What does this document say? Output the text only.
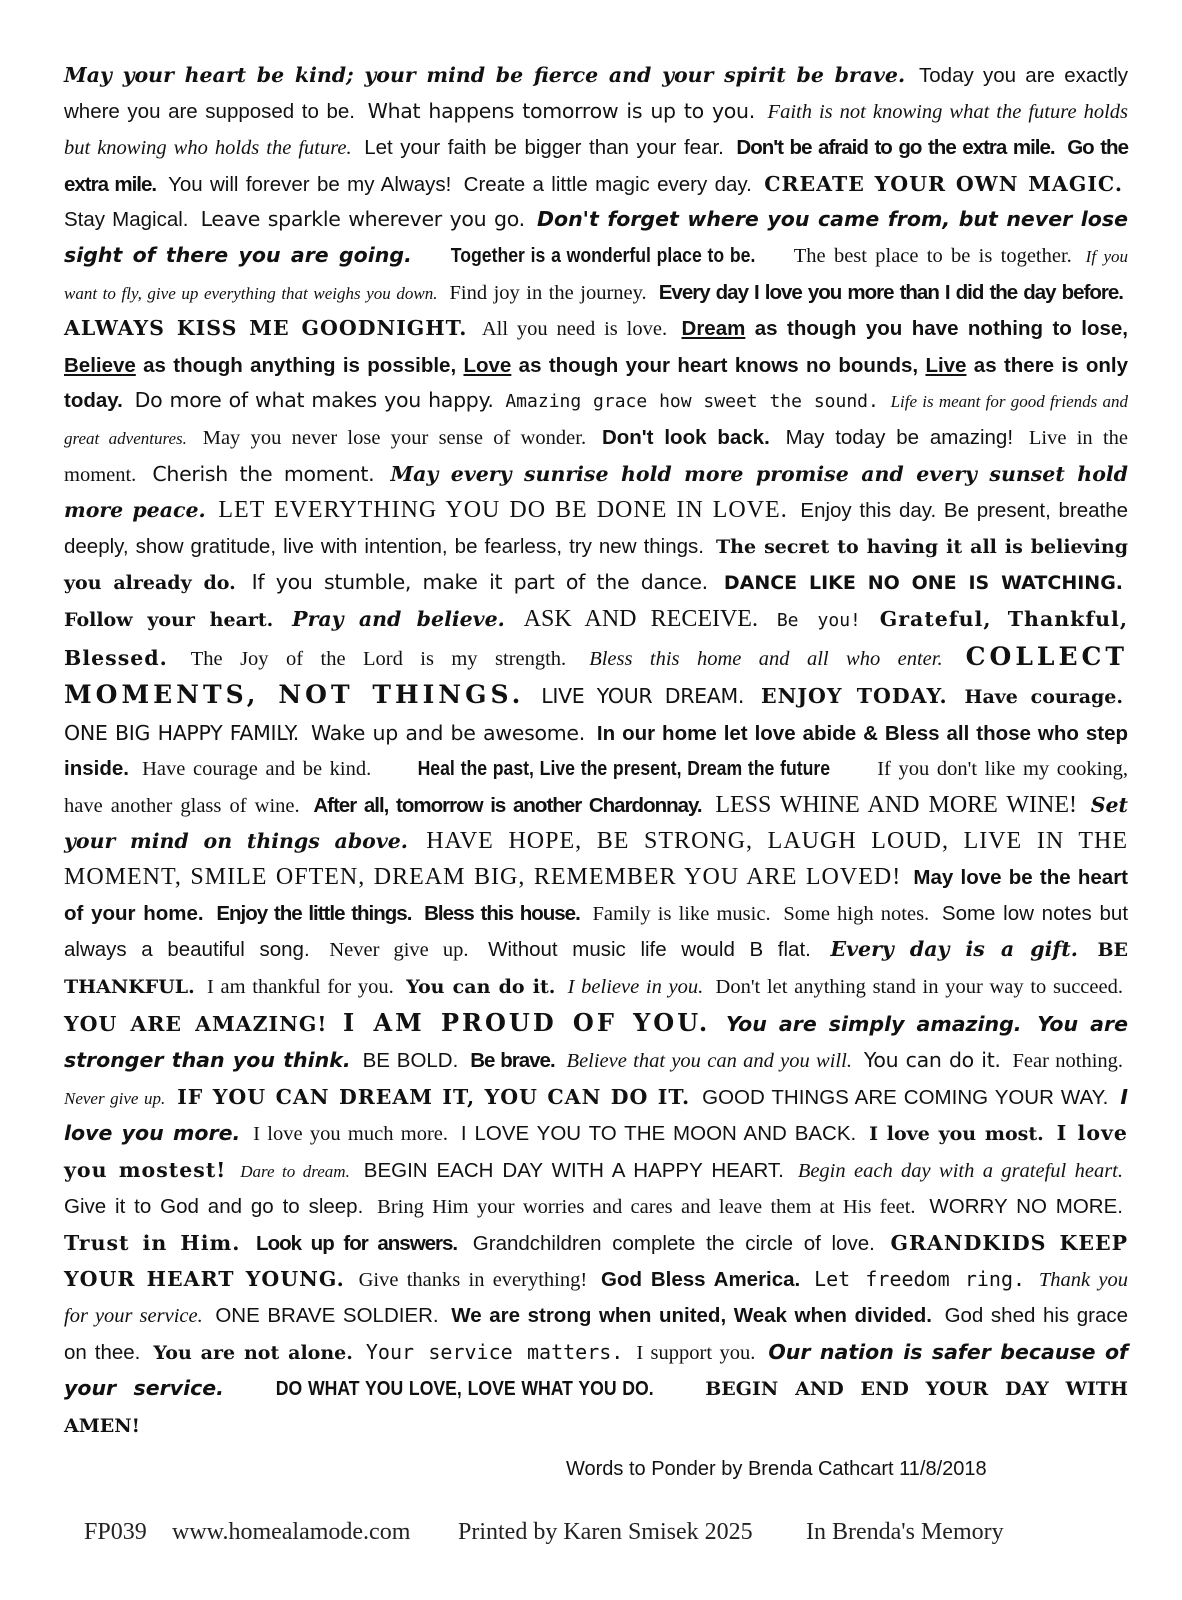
May your heart be kind; your mind be fierce and your spirit be brave. Today you are exactly where you are supposed to be. What happens tomorrow is up to you. Faith is not knowing what the future holds but knowing who holds the future. Let your faith be bigger than your fear. Don't be afraid to go the extra mile. Go the extra mile. You will forever be my Always! Create a little magic every day. CREATE YOUR OWN MAGIC. Stay Magical. Leave sparkle wherever you go. Don't forget where you came from, but never lose sight of there you are going. Together is a wonderful place to be. The best place to be is together. If you want to fly, give up everything that weighs you down. Find joy in the journey. Every day I love you more than I did the day before. ALWAYS KISS ME GOODNIGHT. All you need is love. Dream as though you have nothing to lose, Believe as though anything is possible, Love as though your heart knows no bounds, Live as there is only today. Do more of what makes you happy. Amazing grace how sweet the sound. Life is meant for good friends and great adventures. May you never lose your sense of wonder. Don't look back. May today be amazing! Live in the moment. Cherish the moment. May every sunrise hold more promise and every sunset hold more peace. LET EVERYTHING YOU DO BE DONE IN LOVE. Enjoy this day. Be present, breathe deeply, show gratitude, live with intention, be fearless, try new things. The secret to having it all is believing you already do. If you stumble, make it part of the dance. DANCE LIKE NO ONE IS WATCHING. Follow your heart. Pray and believe. ASK AND RECEIVE. Be you! Grateful, Thankful, Blessed. The Joy of the Lord is my strength. Bless this home and all who enter. COLLECT MOMENTS, NOT THINGS. LIVE YOUR DREAM. ENJOY TODAY. Have courage. ONE BIG HAPPY FAMILY. Wake up and be awesome. In our home let love abide & Bless all those who step inside. Have courage and be kind. Heal the past, Live the present, Dream the future If you don't like my cooking, have another glass of wine. After all, tomorrow is another Chardonnay. LESS WHINE AND MORE WINE! Set your mind on things above. HAVE HOPE, BE STRONG, LAUGH LOUD, LIVE IN THE MOMENT, SMILE OFTEN, DREAM BIG, REMEMBER YOU ARE LOVED! May love be the heart of your home. Enjoy the little things. Bless this house. Family is like music. Some high notes. Some low notes but always a beautiful song. Never give up. Without music life would B flat. Every day is a gift. BE THANKFUL. I am thankful for you. You can do it. I believe in you. Don't let anything stand in your way to succeed. YOU ARE AMAZING! I AM PROUD OF YOU. You are simply amazing. You are stronger than you think. BE BOLD. Be brave. Believe that you can and you will. You can do it. Fear nothing. Never give up. IF YOU CAN DREAM IT, YOU CAN DO IT. GOOD THINGS ARE COMING YOUR WAY. I love you more. I love you much more. I LOVE YOU TO THE MOON AND BACK. I love you most. I love you mostest! Dare to dream. BEGIN EACH DAY WITH A HAPPY HEART. Begin each day with a grateful heart. Give it to God and go to sleep. Bring Him your worries and cares and leave them at His feet. WORRY NO MORE. Trust in Him. Look up for answers. Grandchildren complete the circle of love. GRANDKIDS KEEP YOUR HEART YOUNG. Give thanks in everything! God Bless America. Let freedom ring. Thank you for your service. ONE BRAVE SOLDIER. We are strong when united, Weak when divided. God shed his grace on thee. You are not alone. Your service matters. I support you. Our nation is safer because of your service.	DO WHAT YOU LOVE, LOVE WHAT YOU DO.	BEGIN AND END YOUR DAY WITH AMEN!
Words to Ponder by Brenda Cathcart 11/8/2018
FP039 www.homealamode.com Printed by Karen Smisek 2025 In Brenda's Memory
